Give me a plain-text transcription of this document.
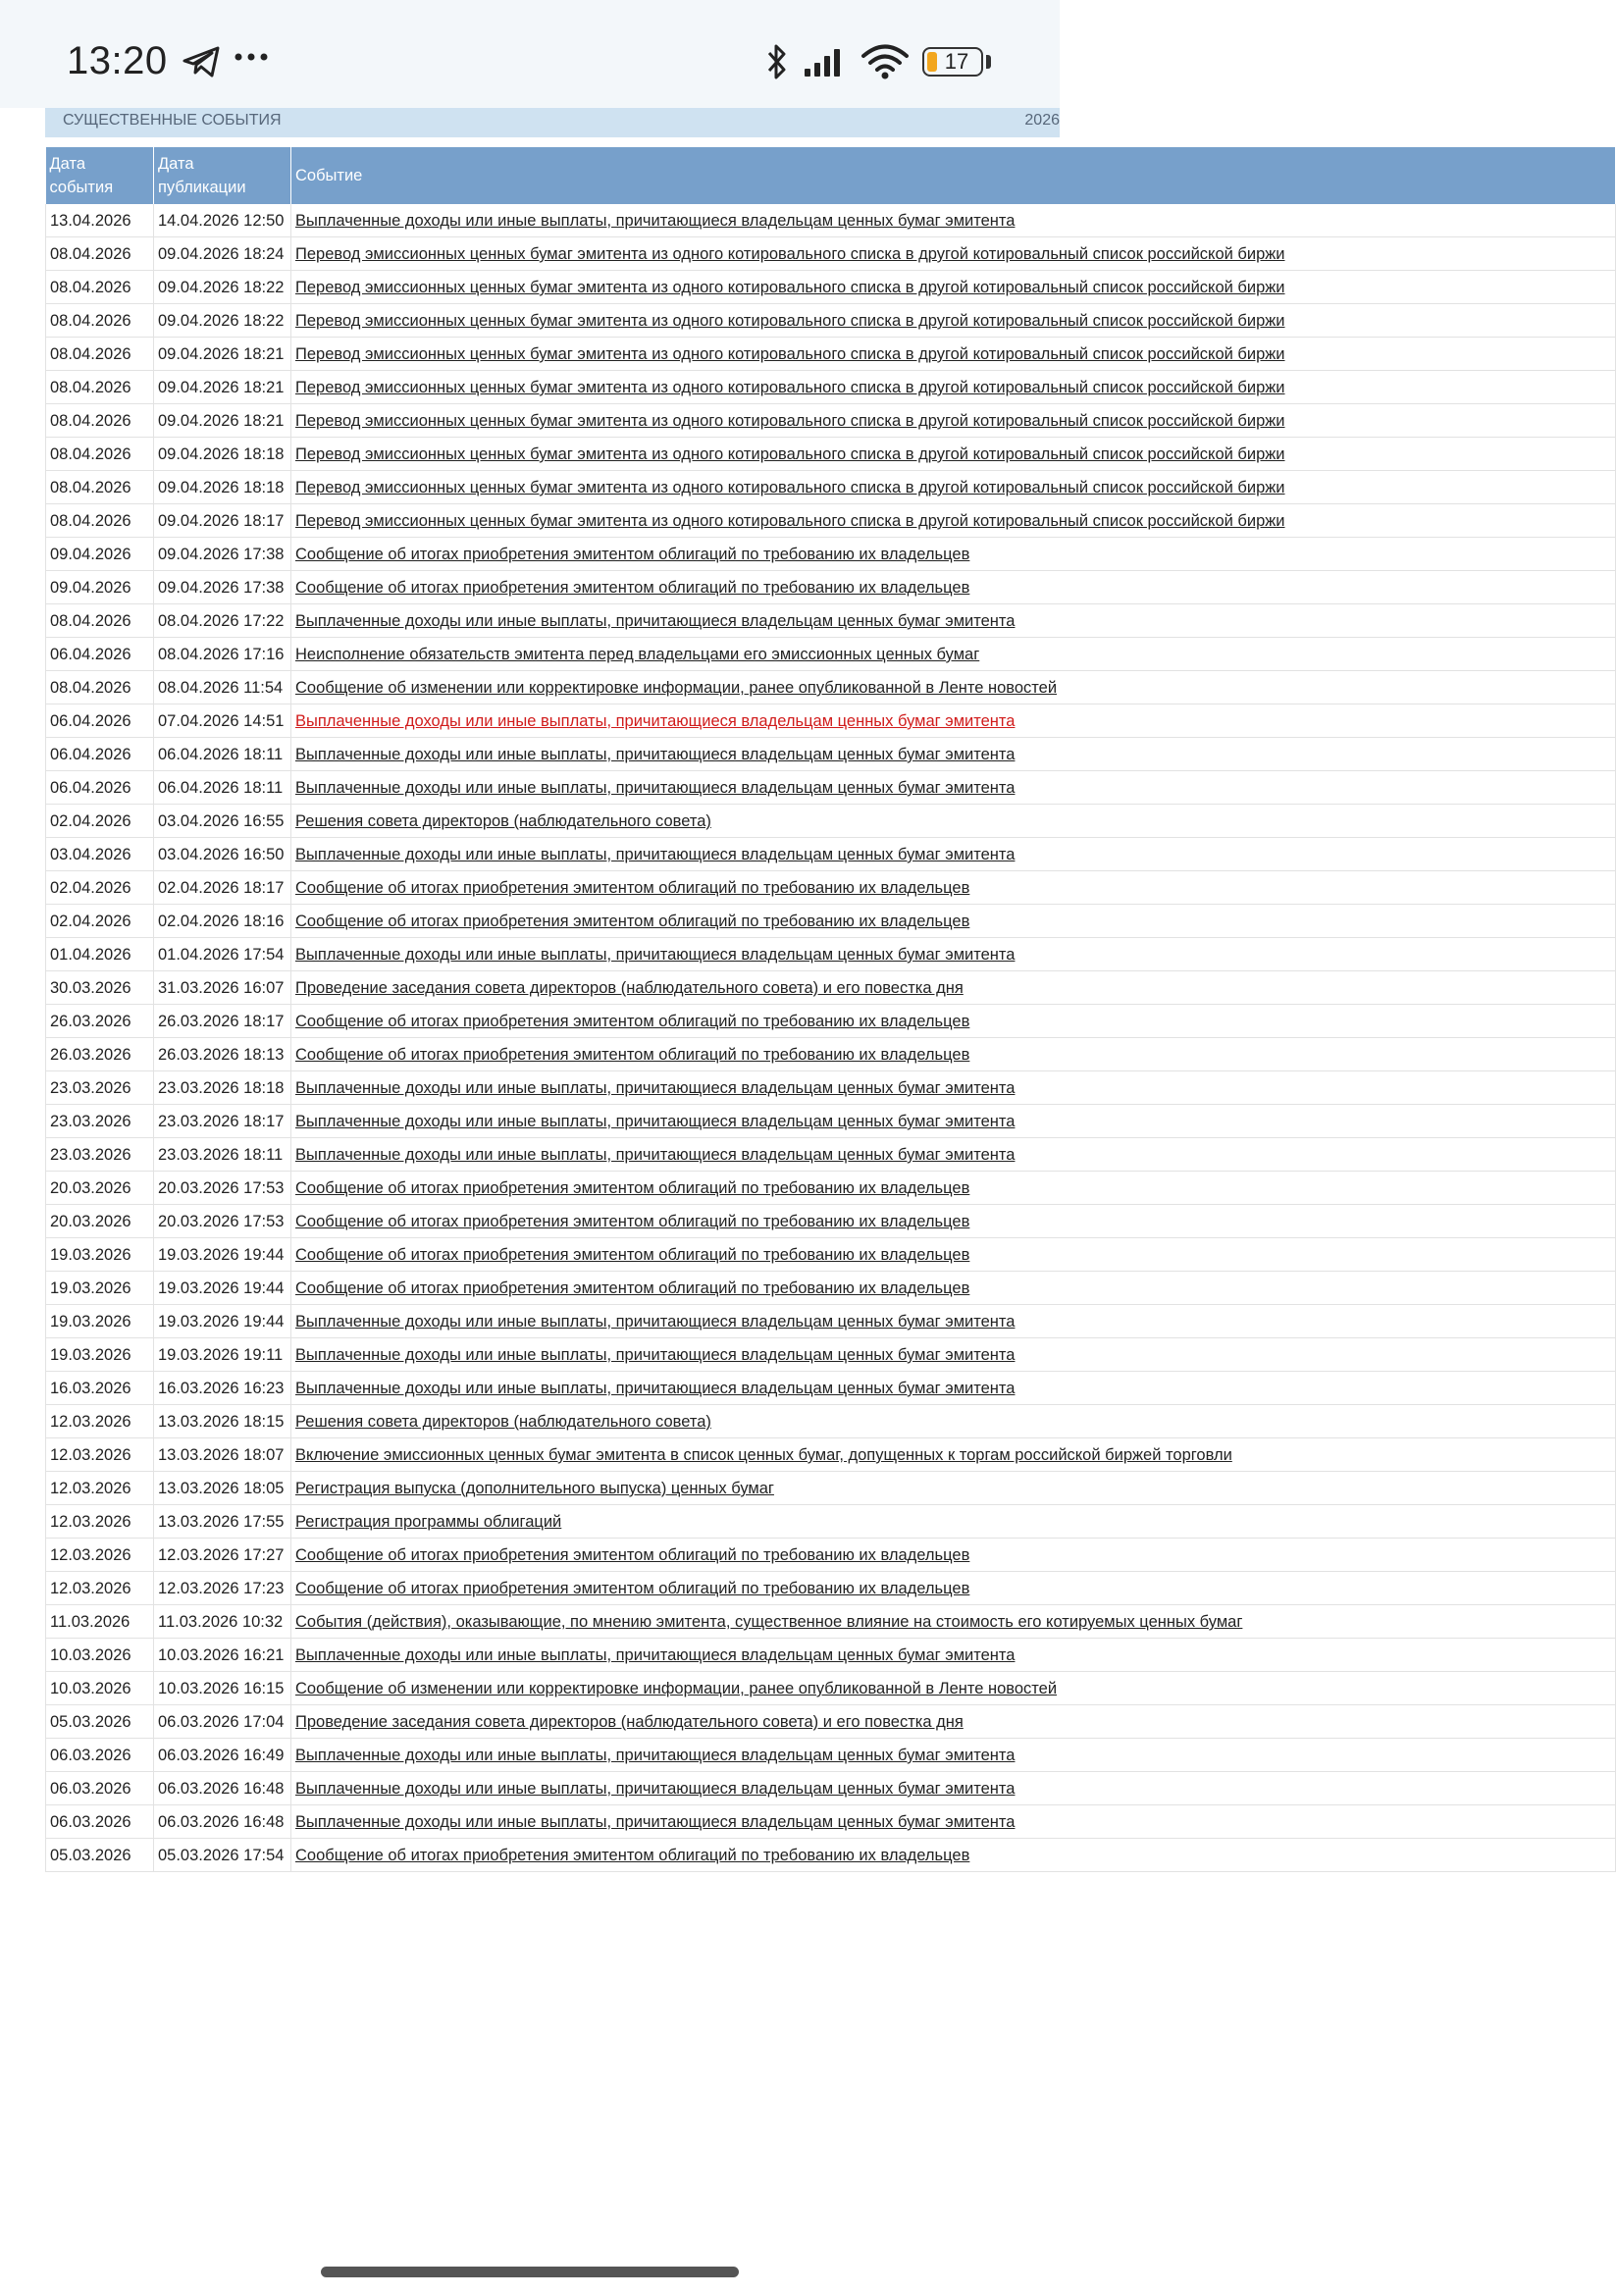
13:20	17
СУЩЕСТВЕННЫЕ СОБЫТИЯ	2026
Дата
события	Дата
публикации	Событие
13.04.2026	14.04.2026 12:50	Выплаченные доходы или иные выплаты, причитающиеся владельцам ценных бумаг эмитента

08.04.2026	09.04.2026 18:24	Перевод эмиссионных ценных бумаг эмитента из одного котировального списка в другой котировальный список российской биржи

08.04.2026	09.04.2026 18:22	Перевод эмиссионных ценных бумаг эмитента из одного котировального списка в другой котировальный список российской биржи

08.04.2026	09.04.2026 18:22	Перевод эмиссионных ценных бумаг эмитента из одного котировального списка в другой котировальный список российской биржи

08.04.2026	09.04.2026 18:21	Перевод эмиссионных ценных бумаг эмитента из одного котировального списка в другой котировальный список российской биржи

08.04.2026	09.04.2026 18:21	Перевод эмиссионных ценных бумаг эмитента из одного котировального списка в другой котировальный список российской биржи

08.04.2026	09.04.2026 18:21	Перевод эмиссионных ценных бумаг эмитента из одного котировального списка в другой котировальный список российской биржи

08.04.2026	09.04.2026 18:18	Перевод эмиссионных ценных бумаг эмитента из одного котировального списка в другой котировальный список российской биржи

08.04.2026	09.04.2026 18:18	Перевод эмиссионных ценных бумаг эмитента из одного котировального списка в другой котировальный список российской биржи

08.04.2026	09.04.2026 18:17	Перевод эмиссионных ценных бумаг эмитента из одного котировального списка в другой котировальный список российской биржи

09.04.2026	09.04.2026 17:38	Сообщение об итогах приобретения эмитентом облигаций по требованию их владельцев

09.04.2026	09.04.2026 17:38	Сообщение об итогах приобретения эмитентом облигаций по требованию их владельцев

08.04.2026	08.04.2026 17:22	Выплаченные доходы или иные выплаты, причитающиеся владельцам ценных бумаг эмитента

06.04.2026	08.04.2026 17:16	Неисполнение обязательств эмитента перед владельцами его эмиссионных ценных бумаг

08.04.2026	08.04.2026 11:54	Сообщение об изменении или корректировке информации, ранее опубликованной в Ленте новостей

06.04.2026	07.04.2026 14:51	Выплаченные доходы или иные выплаты, причитающиеся владельцам ценных бумаг эмитента

06.04.2026	06.04.2026 18:11	Выплаченные доходы или иные выплаты, причитающиеся владельцам ценных бумаг эмитента

06.04.2026	06.04.2026 18:11	Выплаченные доходы или иные выплаты, причитающиеся владельцам ценных бумаг эмитента

02.04.2026	03.04.2026 16:55	Решения совета директоров (наблюдательного совета)

03.04.2026	03.04.2026 16:50	Выплаченные доходы или иные выплаты, причитающиеся владельцам ценных бумаг эмитента

02.04.2026	02.04.2026 18:17	Сообщение об итогах приобретения эмитентом облигаций по требованию их владельцев

02.04.2026	02.04.2026 18:16	Сообщение об итогах приобретения эмитентом облигаций по требованию их владельцев

01.04.2026	01.04.2026 17:54	Выплаченные доходы или иные выплаты, причитающиеся владельцам ценных бумаг эмитента

30.03.2026	31.03.2026 16:07	Проведение заседания совета директоров (наблюдательного совета) и его повестка дня

26.03.2026	26.03.2026 18:17	Сообщение об итогах приобретения эмитентом облигаций по требованию их владельцев

26.03.2026	26.03.2026 18:13	Сообщение об итогах приобретения эмитентом облигаций по требованию их владельцев

23.03.2026	23.03.2026 18:18	Выплаченные доходы или иные выплаты, причитающиеся владельцам ценных бумаг эмитента

23.03.2026	23.03.2026 18:17	Выплаченные доходы или иные выплаты, причитающиеся владельцам ценных бумаг эмитента

23.03.2026	23.03.2026 18:11	Выплаченные доходы или иные выплаты, причитающиеся владельцам ценных бумаг эмитента

20.03.2026	20.03.2026 17:53	Сообщение об итогах приобретения эмитентом облигаций по требованию их владельцев

20.03.2026	20.03.2026 17:53	Сообщение об итогах приобретения эмитентом облигаций по требованию их владельцев

19.03.2026	19.03.2026 19:44	Сообщение об итогах приобретения эмитентом облигаций по требованию их владельцев

19.03.2026	19.03.2026 19:44	Сообщение об итогах приобретения эмитентом облигаций по требованию их владельцев

19.03.2026	19.03.2026 19:44	Выплаченные доходы или иные выплаты, причитающиеся владельцам ценных бумаг эмитента

19.03.2026	19.03.2026 19:11	Выплаченные доходы или иные выплаты, причитающиеся владельцам ценных бумаг эмитента

16.03.2026	16.03.2026 16:23	Выплаченные доходы или иные выплаты, причитающиеся владельцам ценных бумаг эмитента

12.03.2026	13.03.2026 18:15	Решения совета директоров (наблюдательного совета)

12.03.2026	13.03.2026 18:07	Включение эмиссионных ценных бумаг эмитента в список ценных бумаг, допущенных к торгам российской биржей торговли

12.03.2026	13.03.2026 18:05	Регистрация выпуска (дополнительного выпуска) ценных бумаг

12.03.2026	13.03.2026 17:55	Регистрация программы облигаций

12.03.2026	12.03.2026 17:27	Сообщение об итогах приобретения эмитентом облигаций по требованию их владельцев

12.03.2026	12.03.2026 17:23	Сообщение об итогах приобретения эмитентом облигаций по требованию их владельцев

11.03.2026	11.03.2026 10:32	События (действия), оказывающие, по мнению эмитента, существенное влияние на стоимость его котируемых ценных бумаг

10.03.2026	10.03.2026 16:21	Выплаченные доходы или иные выплаты, причитающиеся владельцам ценных бумаг эмитента

10.03.2026	10.03.2026 16:15	Сообщение об изменении или корректировке информации, ранее опубликованной в Ленте новостей

05.03.2026	06.03.2026 17:04	Проведение заседания совета директоров (наблюдательного совета) и его повестка дня

06.03.2026	06.03.2026 16:49	Выплаченные доходы или иные выплаты, причитающиеся владельцам ценных бумаг эмитента

06.03.2026	06.03.2026 16:48	Выплаченные доходы или иные выплаты, причитающиеся владельцам ценных бумаг эмитента

06.03.2026	06.03.2026 16:48	Выплаченные доходы или иные выплаты, причитающиеся владельцам ценных бумаг эмитента

05.03.2026	05.03.2026 17:54	Сообщение об итогах приобретения эмитентом облигаций по требованию их владельцев
